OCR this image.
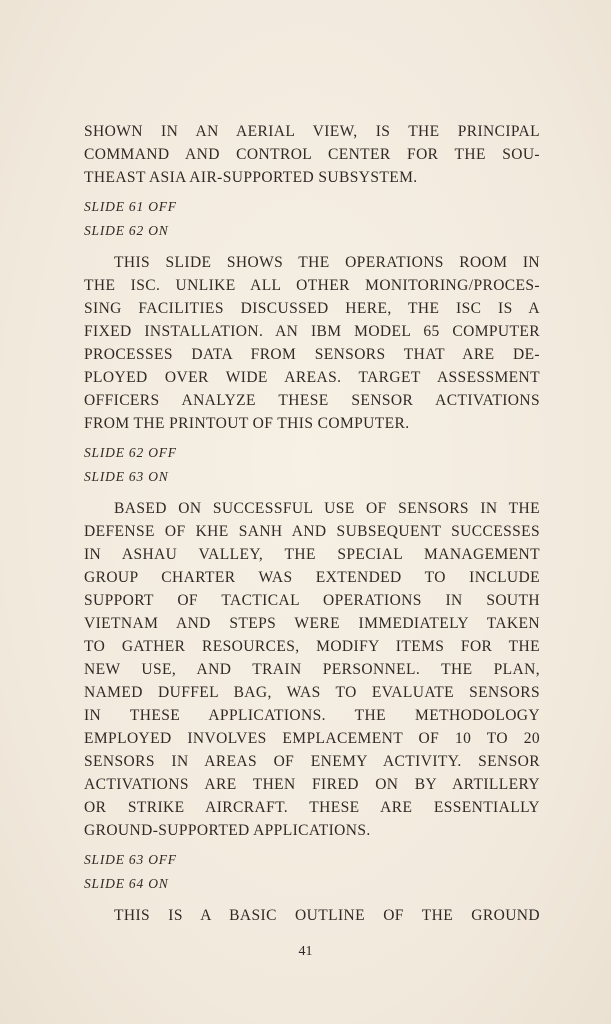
SHOWN IN AN AERIAL VIEW, IS THE PRINCIPAL
COMMAND AND CONTROL CENTER FOR THE SOU-
THEAST ASIA AIR-SUPPORTED SUBSYSTEM.
SLIDE 61 OFF
SLIDE 62 ON
THIS SLIDE SHOWS THE OPERATIONS ROOM IN
THE ISC. UNLIKE ALL OTHER MONITORING/PROCES-
SING FACILITIES DISCUSSED HERE, THE ISC IS A
FIXED INSTALLATION. AN IBM MODEL 65 COMPUTER
PROCESSES DATA FROM SENSORS THAT ARE DE-
PLOYED OVER WIDE AREAS. TARGET ASSESSMENT
OFFICERS ANALYZE THESE SENSOR ACTIVATIONS
FROM THE PRINTOUT OF THIS COMPUTER.
SLIDE 62 OFF
SLIDE 63 ON
BASED ON SUCCESSFUL USE OF SENSORS IN THE
DEFENSE OF KHE SANH AND SUBSEQUENT SUCCESSES
IN ASHAU VALLEY, THE SPECIAL MANAGEMENT
GROUP CHARTER WAS EXTENDED TO INCLUDE
SUPPORT OF TACTICAL OPERATIONS IN SOUTH
VIETNAM AND STEPS WERE IMMEDIATELY TAKEN
TO GATHER RESOURCES, MODIFY ITEMS FOR THE
NEW USE, AND TRAIN PERSONNEL. THE PLAN,
NAMED DUFFEL BAG, WAS TO EVALUATE SENSORS
IN THESE APPLICATIONS. THE METHODOLOGY
EMPLOYED INVOLVES EMPLACEMENT OF 10 TO 20
SENSORS IN AREAS OF ENEMY ACTIVITY. SENSOR
ACTIVATIONS ARE THEN FIRED ON BY ARTILLERY
OR STRIKE AIRCRAFT. THESE ARE ESSENTIALLY
GROUND-SUPPORTED APPLICATIONS.
SLIDE 63 OFF
SLIDE 64 ON
THIS IS A BASIC OUTLINE OF THE GROUND
41
